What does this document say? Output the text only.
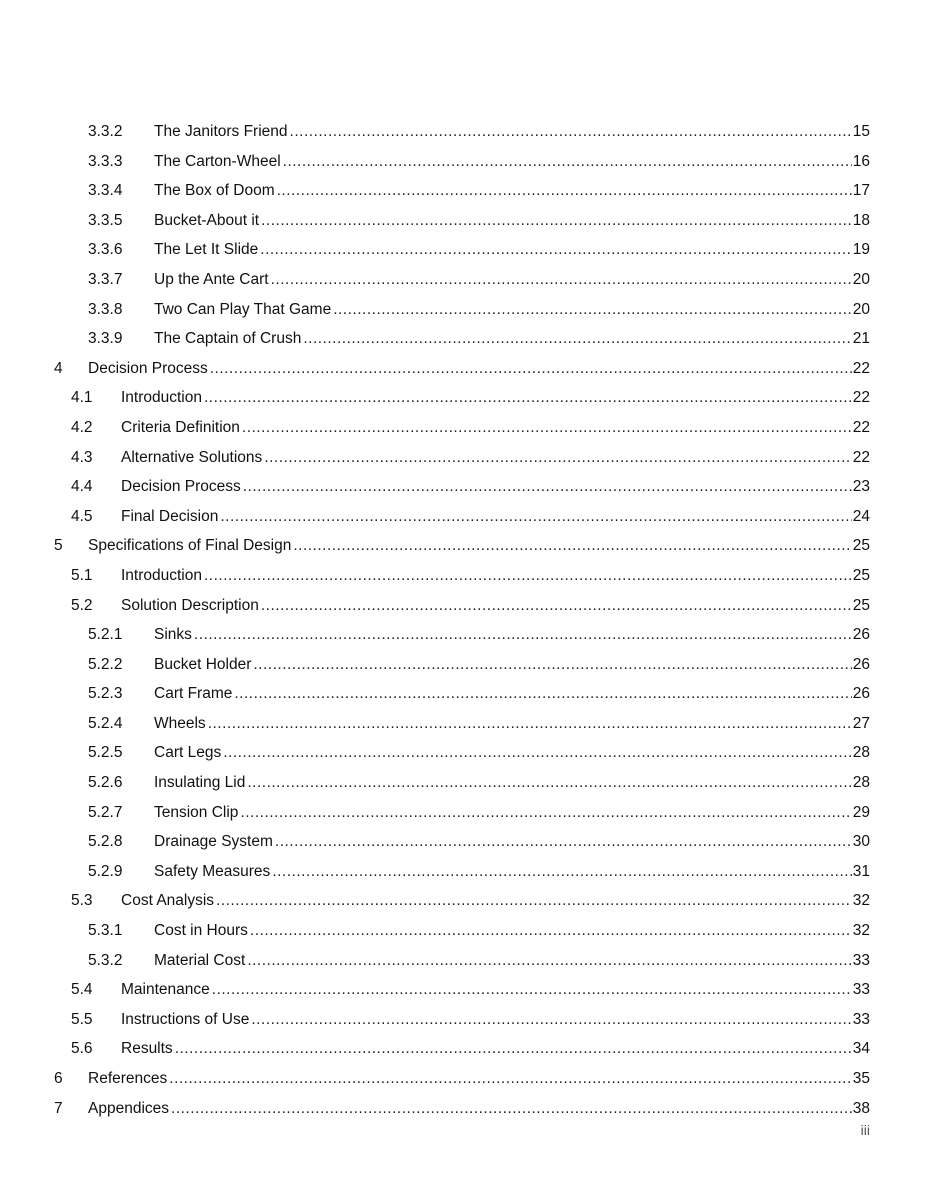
3.3.2 The Janitors Friend .....	15
3.3.3 The Carton-Wheel .....	16
3.3.4 The Box of Doom .....	17
3.3.5 Bucket-About it .....	18
3.3.6 The Let It Slide .....	19
3.3.7 Up the Ante Cart .....	20
3.3.8 Two Can Play That Game .....	20
3.3.9 The Captain of Crush .....	21
4 Decision Process .....	22
4.1 Introduction .....	22
4.2 Criteria Definition .....	22
4.3 Alternative Solutions .....	22
4.4 Decision Process .....	23
4.5 Final Decision .....	24
5 Specifications of Final Design .....	25
5.1 Introduction .....	25
5.2 Solution Description .....	25
5.2.1 Sinks .....	26
5.2.2 Bucket Holder .....	26
5.2.3 Cart Frame .....	26
5.2.4 Wheels .....	27
5.2.5 Cart Legs .....	28
5.2.6 Insulating Lid .....	28
5.2.7 Tension Clip .....	29
5.2.8 Drainage System .....	30
5.2.9 Safety Measures .....	31
5.3 Cost Analysis .....	32
5.3.1 Cost in Hours .....	32
5.3.2 Material Cost .....	33
5.4 Maintenance .....	33
5.5 Instructions of Use .....	33
5.6 Results .....	34
6 References .....	35
7 Appendices .....	38
iii
